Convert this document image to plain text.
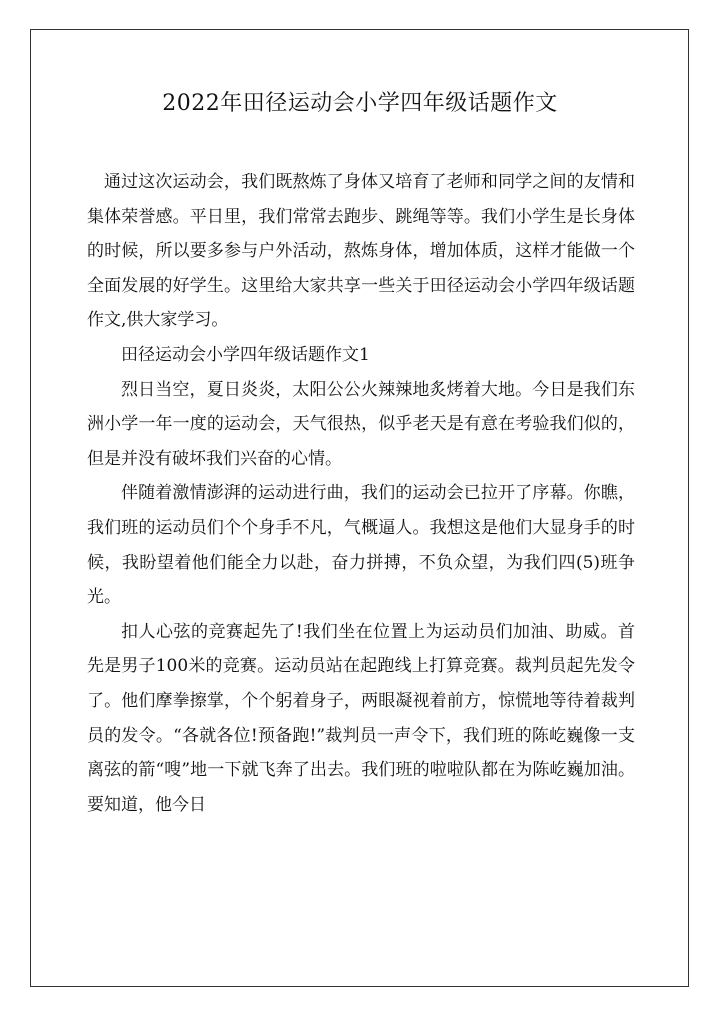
2022年田径运动会小学四年级话题作文

通过这次运动会，我们既熬炼了身体又培育了老师和同学之间的友情和集体荣誉感。平日里，我们常常去跑步、跳绳等等。我们小学生是长身体的时候，所以要多参与户外活动，熬炼身体，增加体质，这样才能做一个全面发展的好学生。这里给大家共享一些关于田径运动会小学四年级话题作文,供大家学习。

田径运动会小学四年级话题作文1

烈日当空，夏日炎炎，太阳公公火辣辣地炙烤着大地。今日是我们东洲小学一年一度的运动会，天气很热，似乎老天是有意在考验我们似的，但是并没有破坏我们兴奋的心情。

伴随着激情澎湃的运动进行曲，我们的运动会已拉开了序幕。你瞧，我们班的运动员们个个身手不凡，气概逼人。我想这是他们大显身手的时候，我盼望着他们能全力以赴，奋力拼搏，不负众望，为我们四(5)班争光。

扣人心弦的竞赛起先了!我们坐在位置上为运动员们加油、助威。首先是男子100米的竞赛。运动员站在起跑线上打算竞赛。裁判员起先发令了。他们摩拳擦掌，个个躬着身子，两眼凝视着前方，惊慌地等待着裁判员的发令。“各就各位!预备跑!”裁判员一声令下，我们班的陈屹巍像一支离弦的箭“嗖”地一下就飞奔了出去。我们班的啦啦队都在为陈屹巍加油。要知道，他今日
